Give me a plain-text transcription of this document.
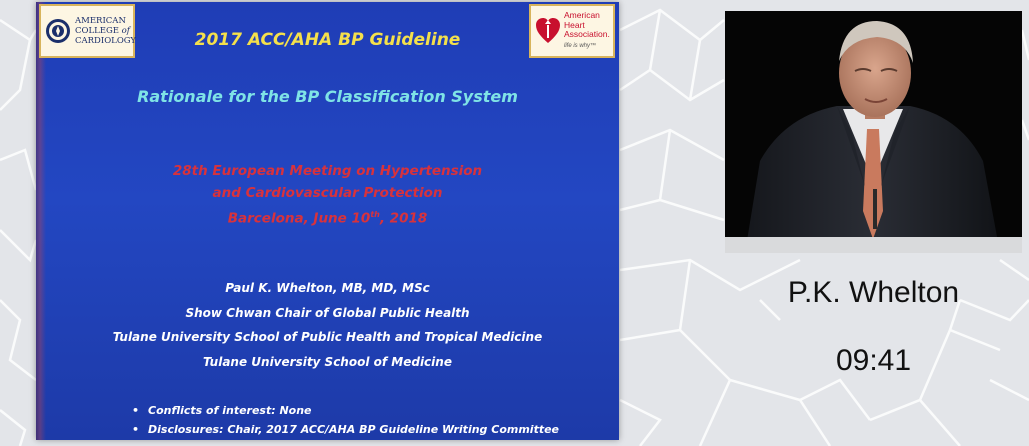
AMERICAN
COLLEGE of
CARDIOLOGY
American
Heart
Association.
life is why™
2017 ACC/AHA BP Guideline
Rationale for the BP Classification System
28th European Meeting on Hypertension
and Cardiovascular Protection
Barcelona, June 10th, 2018
Paul K. Whelton, MB, MD, MSc
Show Chwan Chair of Global Public Health
Tulane University School of Public Health and Tropical Medicine
Tulane University School of Medicine
• Conflicts of interest: None
• Disclosures: Chair, 2017 ACC/AHA BP Guideline Writing Committee
P.K. Whelton
09:41
